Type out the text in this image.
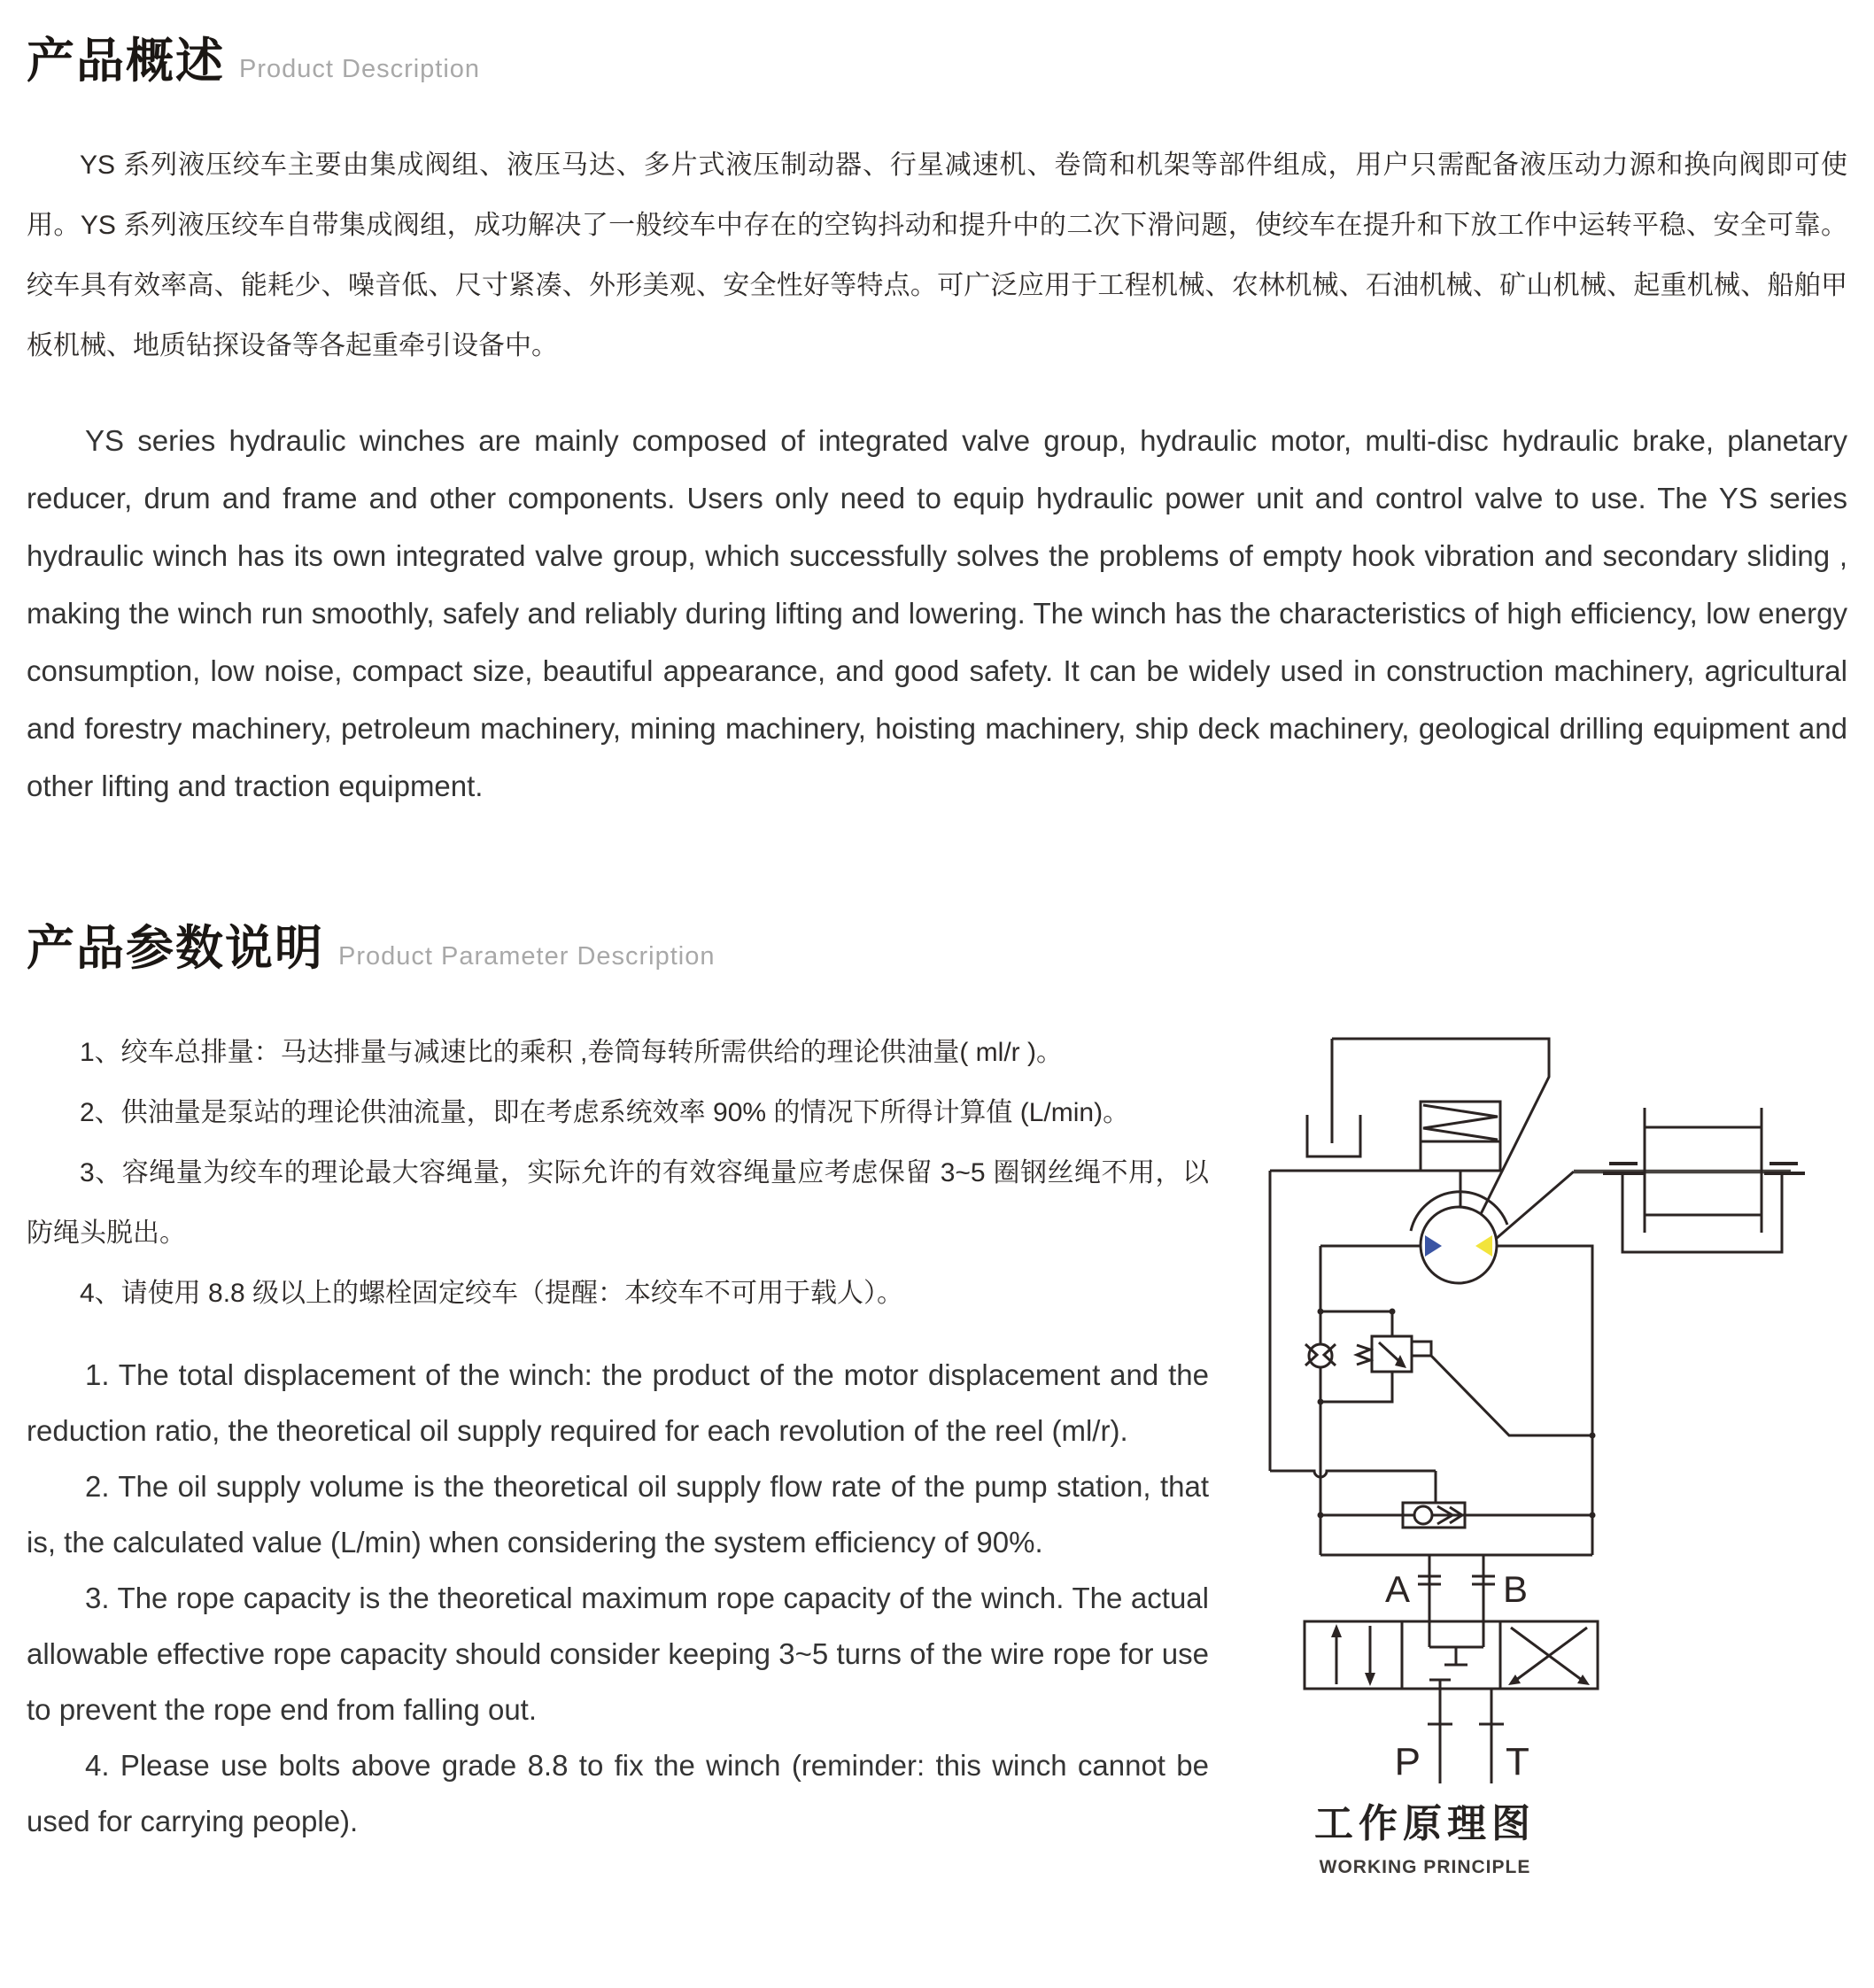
产品概述 Product Description

YS 系列液压绞车主要由集成阀组、液压马达、多片式液压制动器、行星减速机、卷筒和机架等部件组成，用户只需配备液压动力源和换向阀即可使用。YS 系列液压绞车自带集成阀组，成功解决了一般绞车中存在的空钩抖动和提升中的二次下滑问题，使绞车在提升和下放工作中运转平稳、安全可靠。绞车具有效率高、能耗少、噪音低、尺寸紧凑、外形美观、安全性好等特点。可广泛应用于工程机械、农林机械、石油机械、矿山机械、起重机械、船舶甲板机械、地质钻探设备等各起重牵引设备中。

YS series hydraulic winches are mainly composed of integrated valve group, hydraulic motor, multi-disc hydraulic brake, planetary reducer, drum and frame and other components. Users only need to equip hydraulic power unit and control valve to use. The YS series hydraulic winch has its own integrated valve group, which successfully solves the problems of empty hook vibration and secondary sliding , making the winch run smoothly, safely and reliably during lifting and lowering. The winch has the characteristics of high efficiency, low energy consumption, low noise, compact size, beautiful appearance, and good safety. It can be widely used in construction machinery, agricultural and forestry machinery, petroleum machinery, mining machinery, hoisting machinery, ship deck machinery, geological drilling equipment and other lifting and traction equipment.

产品参数说明 Product Parameter Description

1、绞车总排量：马达排量与减速比的乘积 ,卷筒每转所需供给的理论供油量( ml/r )。

2、供油量是泵站的理论供油流量，即在考虑系统效率 90% 的情况下所得计算值 (L/min)。

3、容绳量为绞车的理论最大容绳量，实际允许的有效容绳量应考虑保留 3~5 圈钢丝绳不用，以防绳头脱出。

4、请使用 8.8 级以上的螺栓固定绞车（提醒：本绞车不可用于载人）。

1. The total displacement of the winch: the product of the motor displacement and the reduction ratio, the theoretical oil supply required for each revolution of the reel (ml/r).

2. The oil supply volume is the theoretical oil supply flow rate of the pump station, that is, the calculated value (L/min) when considering the system efficiency of 90%.

3. The rope capacity is the theoretical maximum rope capacity of the winch. The actual allowable effective rope capacity should consider keeping 3~5 turns of the wire rope for use to prevent the rope end from falling out.

4. Please use bolts above grade 8.8 to fix the winch (reminder: this winch cannot be used for carrying people).

A	B
P T
工作原理图
WORKING PRINCIPLE
